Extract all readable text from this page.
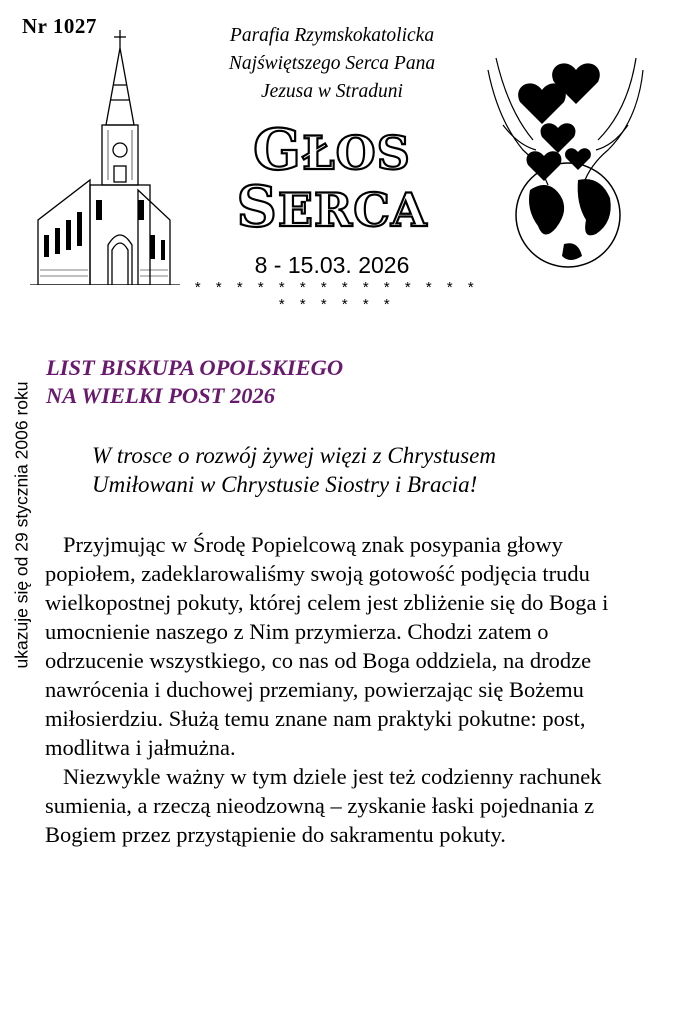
Nr 1027	Parafia Rzymskokatolicka
Najświętszego Serca Pana
Jezusa w Straduni
GŁOS
SERCA
8 - 15.03. 2026
* * * * * * * * * * * * * * * * * * * *
ukazuje się od 29 stycznia 2006 roku
LIST BISKUPA OPOLSKIEGO
NA WIELKI POST 2026
W trosce o rozwój żywej więzi z Chrystusem
Umiłowani w Chrystusie Siostry i Bracia!

Przyjmując w Środę Popielcową znak posypania głowy popiołem, zadeklarowaliśmy swoją gotowość podjęcia trudu wielkopostnej pokuty, której celem jest zbliżenie się do Boga i umocnienie naszego z Nim przymierza. Chodzi zatem o odrzucenie wszystkiego, co nas od Boga oddziela, na drodze nawrócenia i duchowej przemiany, powierzając się Bożemu miłosierdziu. Służą temu znane nam praktyki pokutne: post, modlitwa i jałmużna.

Niezwykle ważny w tym dziele jest też codzienny rachunek sumienia, a rzeczą nieodzowną – zyskanie łaski pojednania z Bogiem przez przystąpienie do sakramentu pokuty.
